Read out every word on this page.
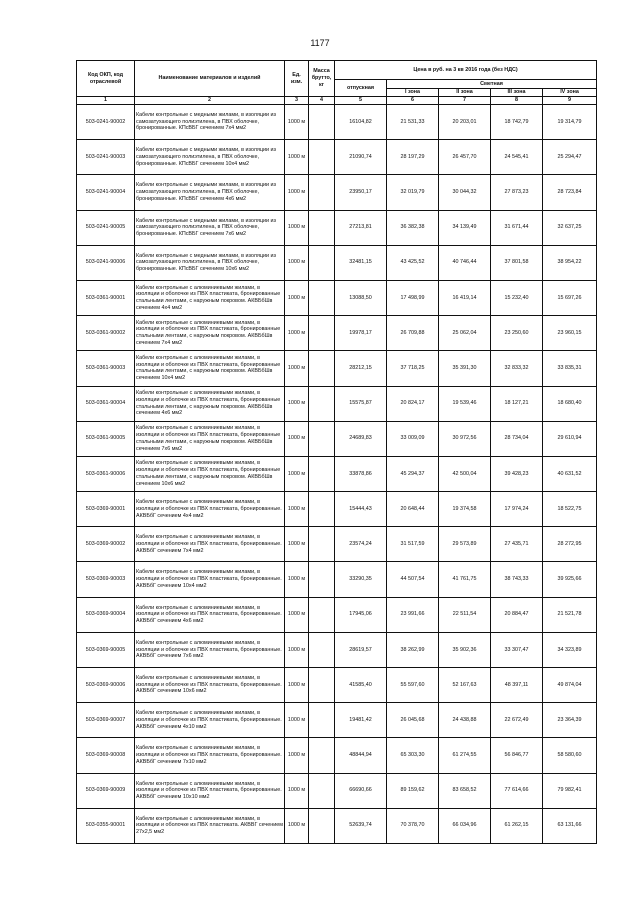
1177
Код ОКП, код отраслевой	Наименование материалов и изделий	Ед. изм.	Масса брутто, кг	Цена в руб. на 3 кв 2016 года (без НДС)				
				отпускная	Сметная			
					I зона	II зона	III зона	IV зона
1	2	3	4	5	6	7	8	9
503-0241-90002	Кабели контрольные с медными жилами, в изоляции из самозатухающего полиэтилена, в ПВХ оболочке, бронированные. КПсВБГ сечением 7х4 мм2	1000 м		16104,82	21 531,33	20 203,01	18 742,79	19 314,79
503-0241-90003	Кабели контрольные с медными жилами, в изоляции из самозатухающего полиэтилена, в ПВХ оболочке, бронированные. КПсВБГ сечением 10х4 мм2	1000 м		21090,74	28 197,29	26 457,70	24 545,41	25 294,47
503-0241-90004	Кабели контрольные с медными жилами, в изоляции из самозатухающего полиэтилена, в ПВХ оболочке, бронированные. КПсВБГ сечением 4х6 мм2	1000 м		23950,17	32 019,79	30 044,32	27 873,23	28 723,84
503-0241-90005	Кабели контрольные с медными жилами, в изоляции из самозатухающего полиэтилена, в ПВХ оболочке, бронированные. КПсВБГ сечением 7х6 мм2	1000 м		27213,81	36 382,38	34 139,49	31 671,44	32 637,25
503-0241-90006	Кабели контрольные с медными жилами, в изоляции из самозатухающего полиэтилена, в ПВХ оболочке, бронированные. КПсВБГ сечением 10х6 мм2	1000 м		32481,15	43 425,52	40 746,44	37 801,58	38 954,22
503-0361-90001	Кабели контрольные с алюминиевыми жилами, в изоляции и оболочке из ПВХ пластиката, бронированные стальными лентами, с наружным покровом. АКВБбШв сечением 4х4 мм2	1000 м		13088,50	17 498,99	16 419,14	15 232,40	15 697,26
503-0361-90002	Кабели контрольные с алюминиевыми жилами, в изоляции и оболочке из ПВХ пластиката, бронированные стальными лентами, с наружным покровом. АКВБбШв сечением 7х4 мм2	1000 м		19978,17	26 709,88	25 062,04	23 250,60	23 960,15
503-0361-90003	Кабели контрольные с алюминиевыми жилами, в изоляции и оболочке из ПВХ пластиката, бронированные стальными лентами, с наружным покровом. АКВБбШв сечением 10х4 мм2	1000 м		28212,15	37 718,25	35 391,30	32 833,32	33 835,31
503-0361-90004	Кабели контрольные с алюминиевыми жилами, в изоляции и оболочке из ПВХ пластиката, бронированные стальными лентами, с наружным покровом. АКВБбШв сечением 4х6 мм2	1000 м		15575,87	20 824,17	19 539,46	18 127,21	18 680,40
503-0361-90005	Кабели контрольные с алюминиевыми жилами, в изоляции и оболочке из ПВХ пластиката, бронированные стальными лентами, с наружным покровом. АКВБбШв сечением 7х6 мм2	1000 м		24689,83	33 009,09	30 972,56	28 734,04	29 610,94
503-0361-90006	Кабели контрольные с алюминиевыми жилами, в изоляции и оболочке из ПВХ пластиката, бронированные стальными лентами, с наружным покровом. АКВБбШв сечением 10х6 мм2	1000 м		33878,86	45 294,37	42 500,04	39 428,23	40 631,52
503-0369-90001	Кабели контрольные с алюминиевыми жилами, в изоляции и оболочке из ПВХ пластиката, бронированные. АКВБбГ сечением 4х4 мм2	1000 м		15444,43	20 648,44	19 374,58	17 974,24	18 522,75
503-0369-90002	Кабели контрольные с алюминиевыми жилами, в изоляции и оболочке из ПВХ пластиката, бронированные. АКВБбГ сечением 7х4 мм2	1000 м		23574,24	31 517,59	29 573,89	27 435,71	28 272,95
503-0369-90003	Кабели контрольные с алюминиевыми жилами, в изоляции и оболочке из ПВХ пластиката, бронированные. АКВБбГ сечением 10х4 мм2	1000 м		33290,35	44 507,54	41 761,75	38 743,33	39 925,66
503-0369-90004	Кабели контрольные с алюминиевыми жилами, в изоляции и оболочке из ПВХ пластиката, бронированные. АКВБбГ сечением 4х6 мм2	1000 м		17945,06	23 991,66	22 511,54	20 884,47	21 521,78
503-0369-90005	Кабели контрольные с алюминиевыми жилами, в изоляции и оболочке из ПВХ пластиката, бронированные. АКВБбГ сечением 7х6 мм2	1000 м		28619,57	38 262,99	35 902,36	33 307,47	34 323,89
503-0369-90006	Кабели контрольные с алюминиевыми жилами, в изоляции и оболочке из ПВХ пластиката, бронированные. АКВБбГ сечением 10х6 мм2	1000 м		41585,40	55 597,60	52 167,63	48 397,11	49 874,04
503-0369-90007	Кабели контрольные с алюминиевыми жилами, в изоляции и оболочке из ПВХ пластиката, бронированные. АКВБбГ сечением 4х10 мм2	1000 м		19481,42	26 045,68	24 438,88	22 672,49	23 364,39
503-0369-90008	Кабели контрольные с алюминиевыми жилами, в изоляции и оболочке из ПВХ пластиката, бронированные. АКВБбГ сечением 7х10 мм2	1000 м		48844,94	65 303,30	61 274,55	56 846,77	58 580,60
503-0369-90009	Кабели контрольные с алюминиевыми жилами, в изоляции и оболочке из ПВХ пластиката, бронированные. АКВБбГ сечением 10х10 мм2	1000 м		66690,66	89 159,62	83 658,52	77 614,66	79 982,41
503-0355-90001	Кабели контрольные с алюминиевыми жилами, в изоляции и оболочке из ПВХ пластиката. АКВВГ сечением 27х2,5 мм2	1000 м		52639,74	70 378,70	66 034,96	61 262,15	63 131,66
